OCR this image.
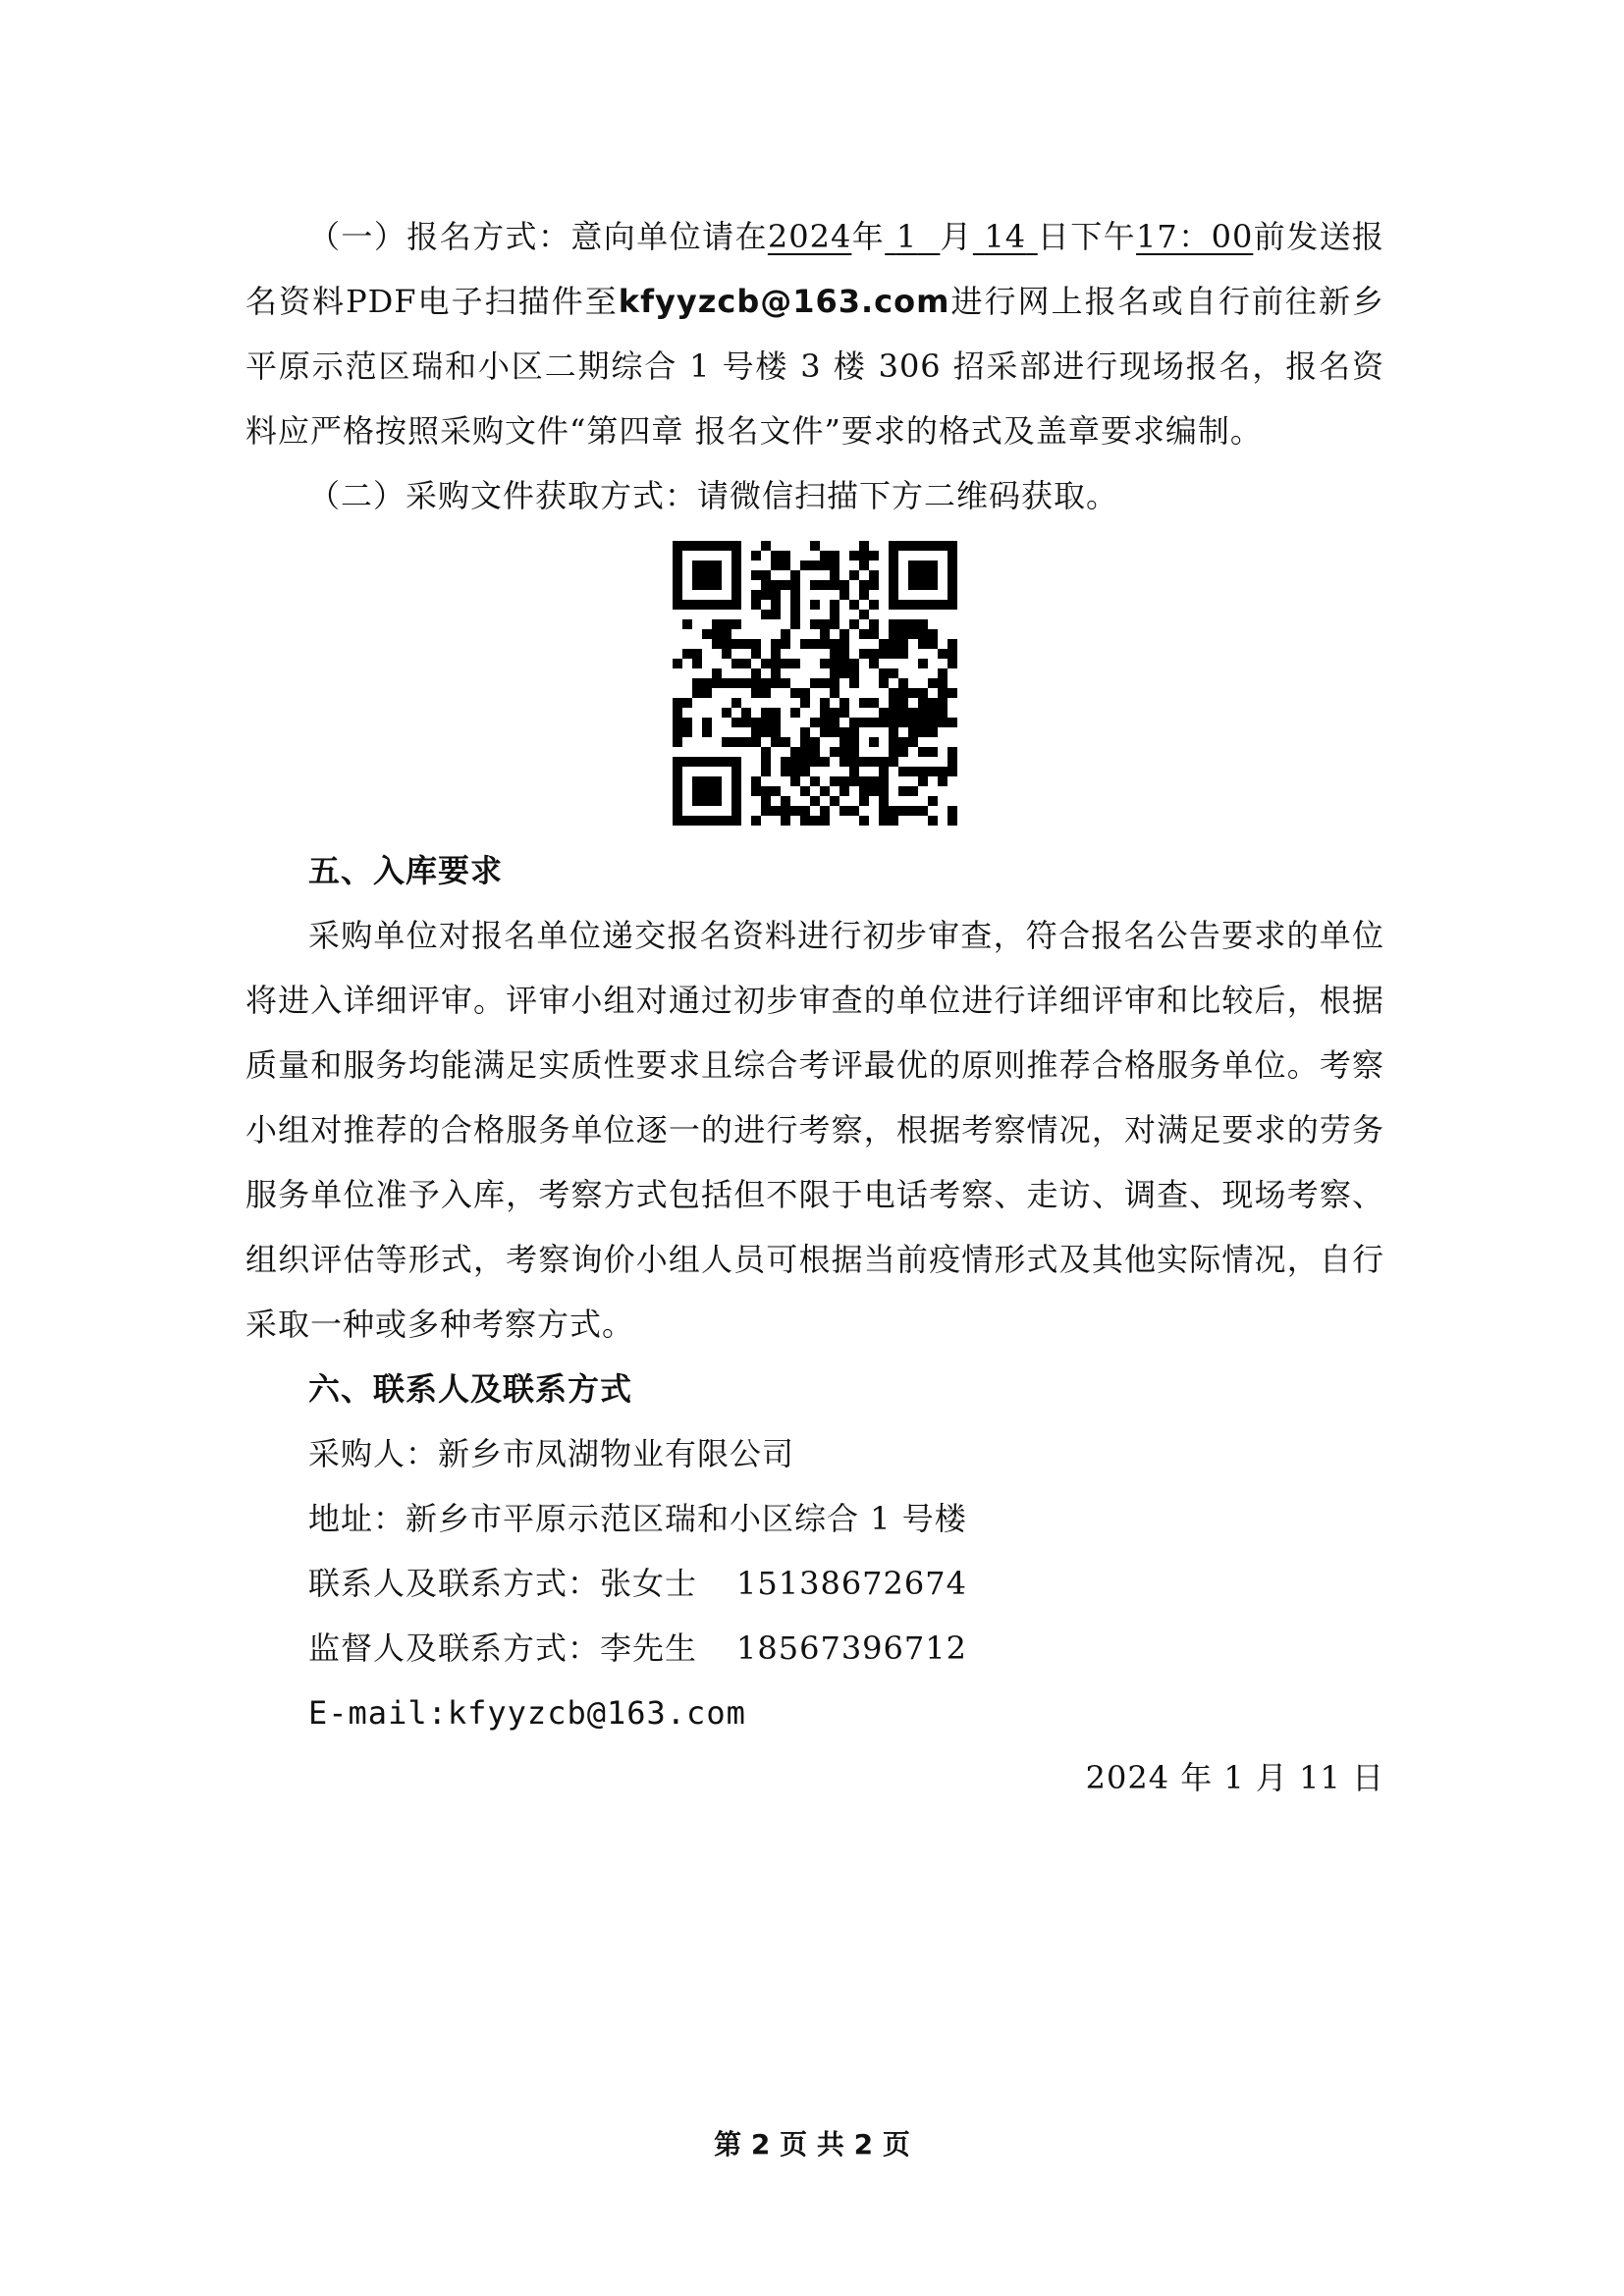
（一）报名方式：意向单位请在2024年 1 月 14 日下午17：00前发送报名资料PDF电子扫描件至kfyyzcb@163.com进行网上报名或自行前往新乡平原示范区瑞和小区二期综合 1 号楼 3 楼 306 招采部进行现场报名，报名资料应严格按照采购文件“第四章 报名文件”要求的格式及盖章要求编制。

（二）采购文件获取方式：请微信扫描下方二维码获取。

五、入库要求

采购单位对报名单位递交报名资料进行初步审查，符合报名公告要求的单位将进入详细评审。评审小组对通过初步审查的单位进行详细评审和比较后，根据质量和服务均能满足实质性要求且综合考评最优的原则推荐合格服务单位。考察小组对推荐的合格服务单位逐一的进行考察，根据考察情况，对满足要求的劳务服务单位准予入库，考察方式包括但不限于电话考察、走访、调查、现场考察、组织评估等形式，考察询价小组人员可根据当前疫情形式及其他实际情况，自行采取一种或多种考察方式。

六、联系人及联系方式
采购人：新乡市凤湖物业有限公司
地址：新乡市平原示范区瑞和小区综合 1 号楼
联系人及联系方式：张女士 15138672674
监督人及联系方式：李先生 18567396712
E-mail:kfyyzcb@163.com
2024 年 1 月 11 日
第 2 页 共 2 页
